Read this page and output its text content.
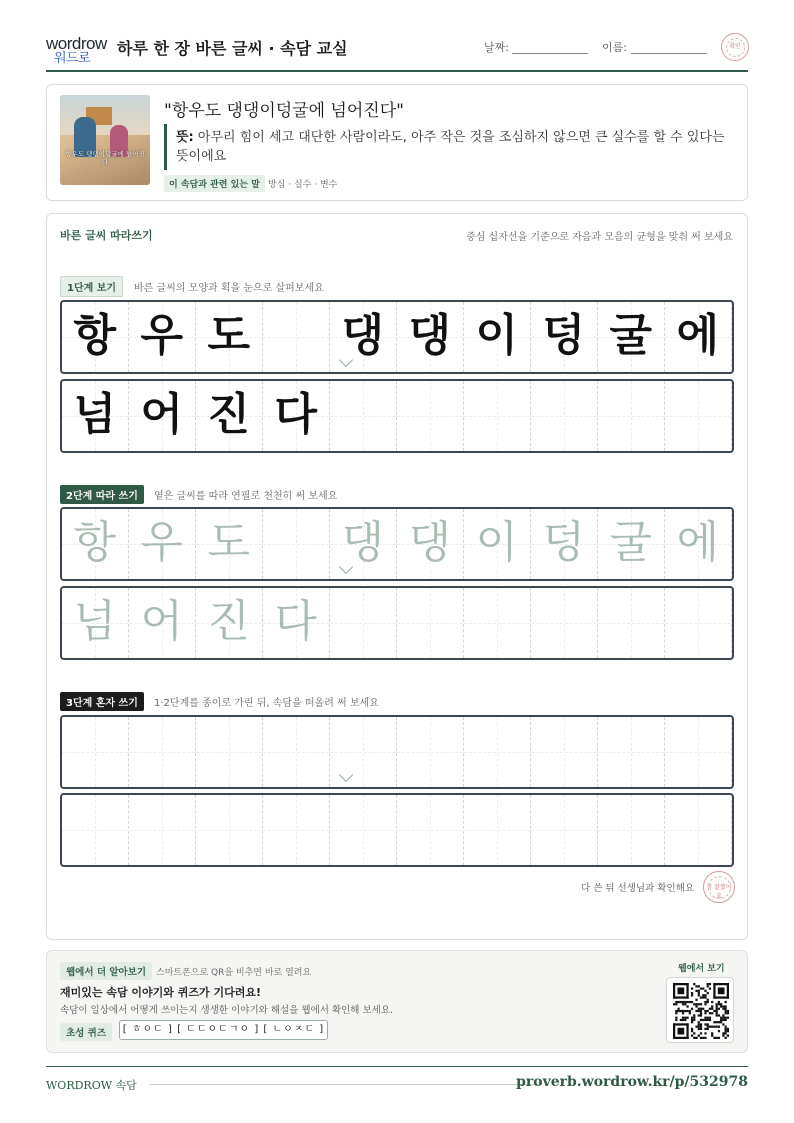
wordrow
워드로
하루 한 장 바른 글씨 · 속담 교실	날짜:	이름:	확인
항우도 댕댕이덩굴에 넘어진다
"항우도 댕댕이덩굴에 넘어진다"
뜻: 아무리 힘이 세고 대단한 사람이라도, 아주 작은 것을 조심하지 않으면 큰 실수를 할 수 있다는 뜻이에요
이 속담과 관련 있는 말 방심 · 실수 · 변수
바른 글씨 따라쓰기	중심 십자선을 기준으로 자음과 모음의 균형을 맞춰 써 보세요
1단계 보기	바른 글씨의 모양과 획을 눈으로 살펴보세요
항 우 도 댕 댕 이 덩 굴 에
넘 어 진 다
2단계 따라 쓰기	옅은 글씨를 따라 연필로 천천히 써 보세요
항 우 도 댕 댕 이 덩 굴 에
넘 어 진 다
3단계 혼자 쓰기	1·2단계를 종이로 가린 뒤, 속담을 떠올려 써 보세요
다 쓴 뒤 선생님과 확인해요	참 잘했어요
웹에서 더 알아보기	스마트폰으로 QR을 비추면 바로 열려요
재미있는 속담 이야기와 퀴즈가 기다려요!
속담이 일상에서 어떻게 쓰이는지 생생한 이야기와 해설을 웹에서 확인해 보세요.
초성 퀴즈	[ ㅎㅇㄷ ] [ ㄷㄷㅇㄷㄱㅇ ] [ ㄴㅇㅈㄷ ]
웹에서 보기
WORDROW 속담	proverb.wordrow.kr/p/532978
